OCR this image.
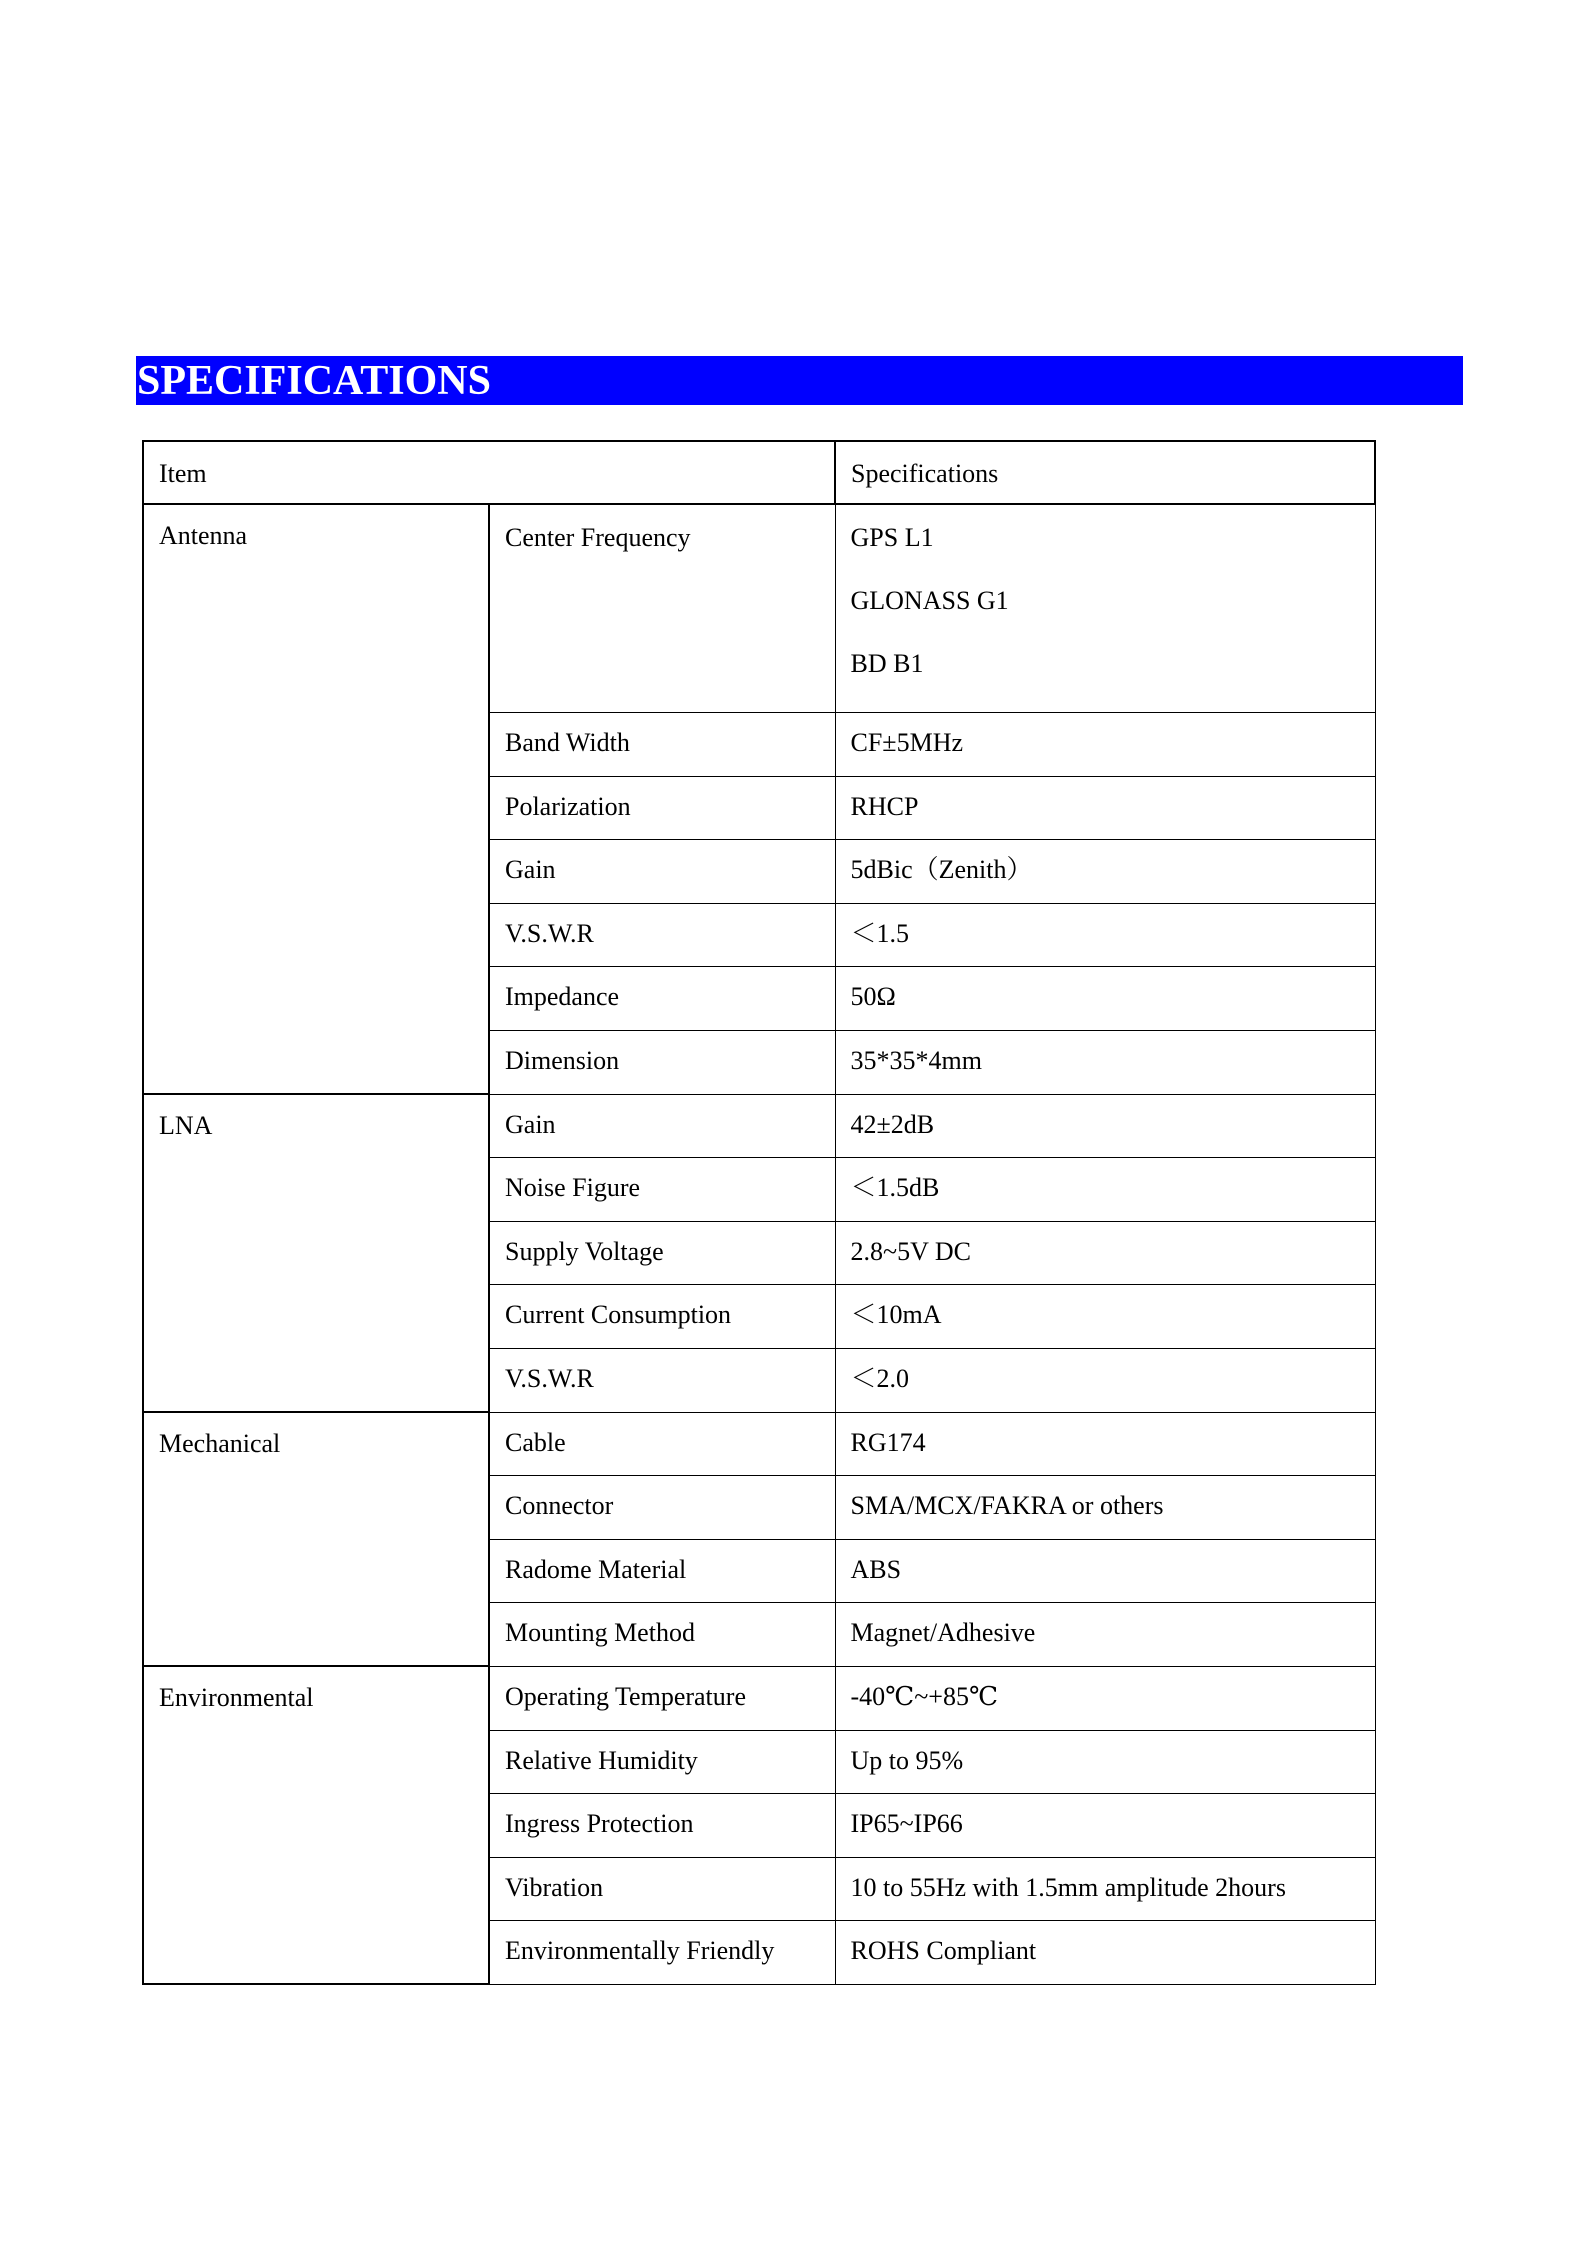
SPECIFICATIONS
Item		Specifications
Antenna	Center Frequency	GPS L1
GLONASS G1
BD B1

	Band Width	CF±5MHz
	Polarization	RHCP
	Gain	5dBic（Zenith）
	V.S.W.R	＜1.5
	Impedance	50Ω
	Dimension	35*35*4mm
LNA	Gain	42±2dB
	Noise Figure	＜1.5dB
	Supply Voltage	2.8~5V DC
	Current Consumption	＜10mA
	V.S.W.R	＜2.0
Mechanical	Cable	RG174
	Connector	SMA/MCX/FAKRA or others
	Radome Material	ABS
	Mounting Method	Magnet/Adhesive
Environmental	Operating Temperature	-40℃~+85℃
	Relative Humidity	Up to 95%
	Ingress Protection	IP65~IP66
	Vibration	10 to 55Hz with 1.5mm amplitude 2hours
	Environmentally Friendly	ROHS Compliant
